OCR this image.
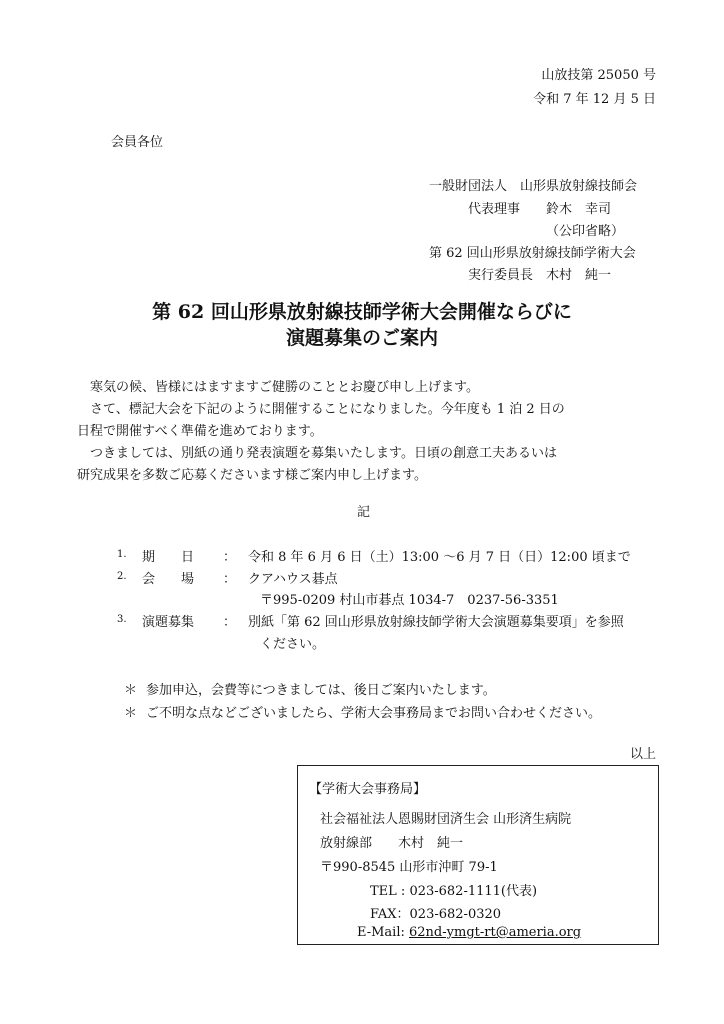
山放技第 25050 号
令和 7 年 12 月 5 日
会員各位
一般財団法人　山形県放射線技師会
代表理事　　鈴木　幸司
（公印省略）
第 62 回山形県放射線技師学術大会
実行委員長　木村　純一
第 62 回山形県放射線技師学術大会開催ならびに
演題募集のご案内
寒気の候、皆様にはますますご健勝のこととお慶び申し上げます。
さて、標記大会を下記のように開催することになりました。今年度も 1 泊 2 日の
日程で開催すべく準備を進めております。
つきましては、別紙の通り発表演題を募集いたします。日頃の創意工夫あるいは
研究成果を多数ご応募くださいます様ご案内申し上げます。
記
1. 期　　日 ： 令和 8 年 6 月 6 日（土）13:00 ～6 月 7 日（日）12:00 頃まで
2. 会　　場 ： クアハウス碁点
〒995-0209 村山市碁点 1034-7　0237-56-3351
3. 演題募集 ： 別紙「第 62 回山形県放射線技師学術大会演題募集要項」を参照
ください。
＊ 参加申込，会費等につきましては、後日ご案内いたします。
＊ ご不明な点などございましたら、学術大会事務局までお問い合わせください。
以上
【学術大会事務局】
社会福祉法人恩賜財団済生会 山形済生病院
放射線部　　木村　純一
〒990-8545 山形市沖町 79-1
TEL : 023-682-1111(代表)
FAX：023-682-0320
E-Mail: 62nd-ymgt-rt@ameria.org
